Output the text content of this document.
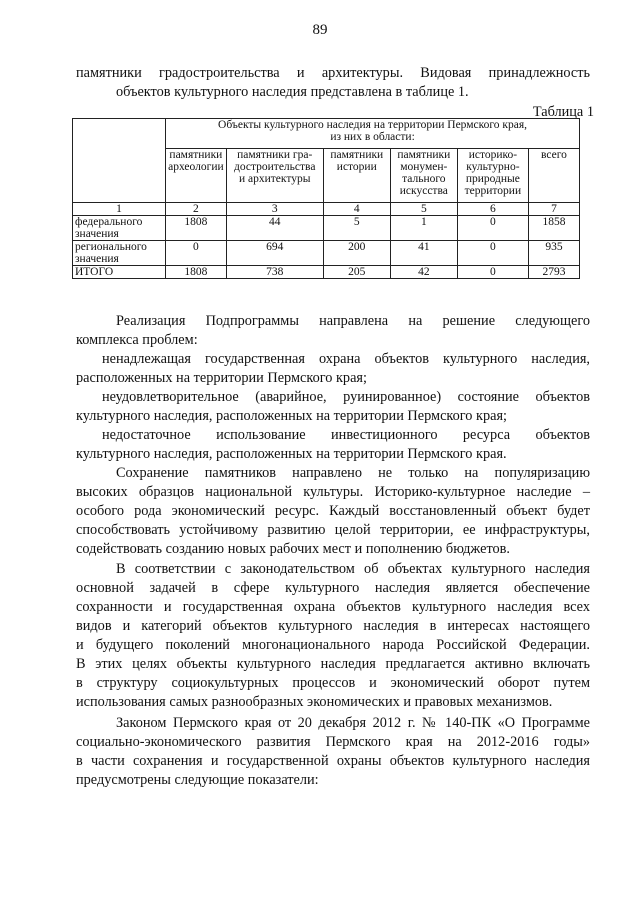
89

памятники градостроительства и архитектуры. Видовая принадлежность
объектов культурного наследия представлена в таблице 1.

Таблица 1
	Объекты культурного наследия на территории Пермского края,
из них в области:					
	памятники
археологии	памятники гра-
достроительства
и архитектуры	памятники
истории	памятники
монумен-
тального
искусства	историко-
культурно-
природные
территории	всего
1	2	3	4	5	6	7
федерального
значения	1808	44	5	1	0	1858
регионального
значения	0	694	200	41	0	935
ИТОГО	1808	738	205	42	0	2793

Реализация Подпрограммы направлена на решение следующего
комплекса проблем:

ненадлежащая государственная охрана объектов культурного наследия,
расположенных на территории Пермского края;

неудовлетворительное (аварийное, руинированное) состояние объектов
культурного наследия, расположенных на территории Пермского края;

недостаточное использование инвестиционного ресурса объектов
культурного наследия, расположенных на территории Пермского края.

Сохранение памятников направлено не только на популяризацию
высоких образцов национальной культуры. Историко-культурное наследие –
особого рода экономический ресурс. Каждый восстановленный объект будет
способствовать устойчивому развитию целой территории, ее инфраструктуры,
содействовать созданию новых рабочих мест и пополнению бюджетов.

В соответствии с законодательством об объектах культурного наследия
основной задачей в сфере культурного наследия является обеспечение
сохранности и государственная охрана объектов культурного наследия всех
видов и категорий объектов культурного наследия в интересах настоящего
и будущего поколений многонационального народа Российской Федерации.
В этих целях объекты культурного наследия предлагается активно включать
в структуру социокультурных процессов и экономический оборот путем
использования самых разнообразных экономических и правовых механизмов.

Законом Пермского края от 20 декабря 2012 г. № 140-ПК «О Программе
социально-экономического развития Пермского края на 2012-2016 годы»
в части сохранения и государственной охраны объектов культурного наследия
предусмотрены следующие показатели:
